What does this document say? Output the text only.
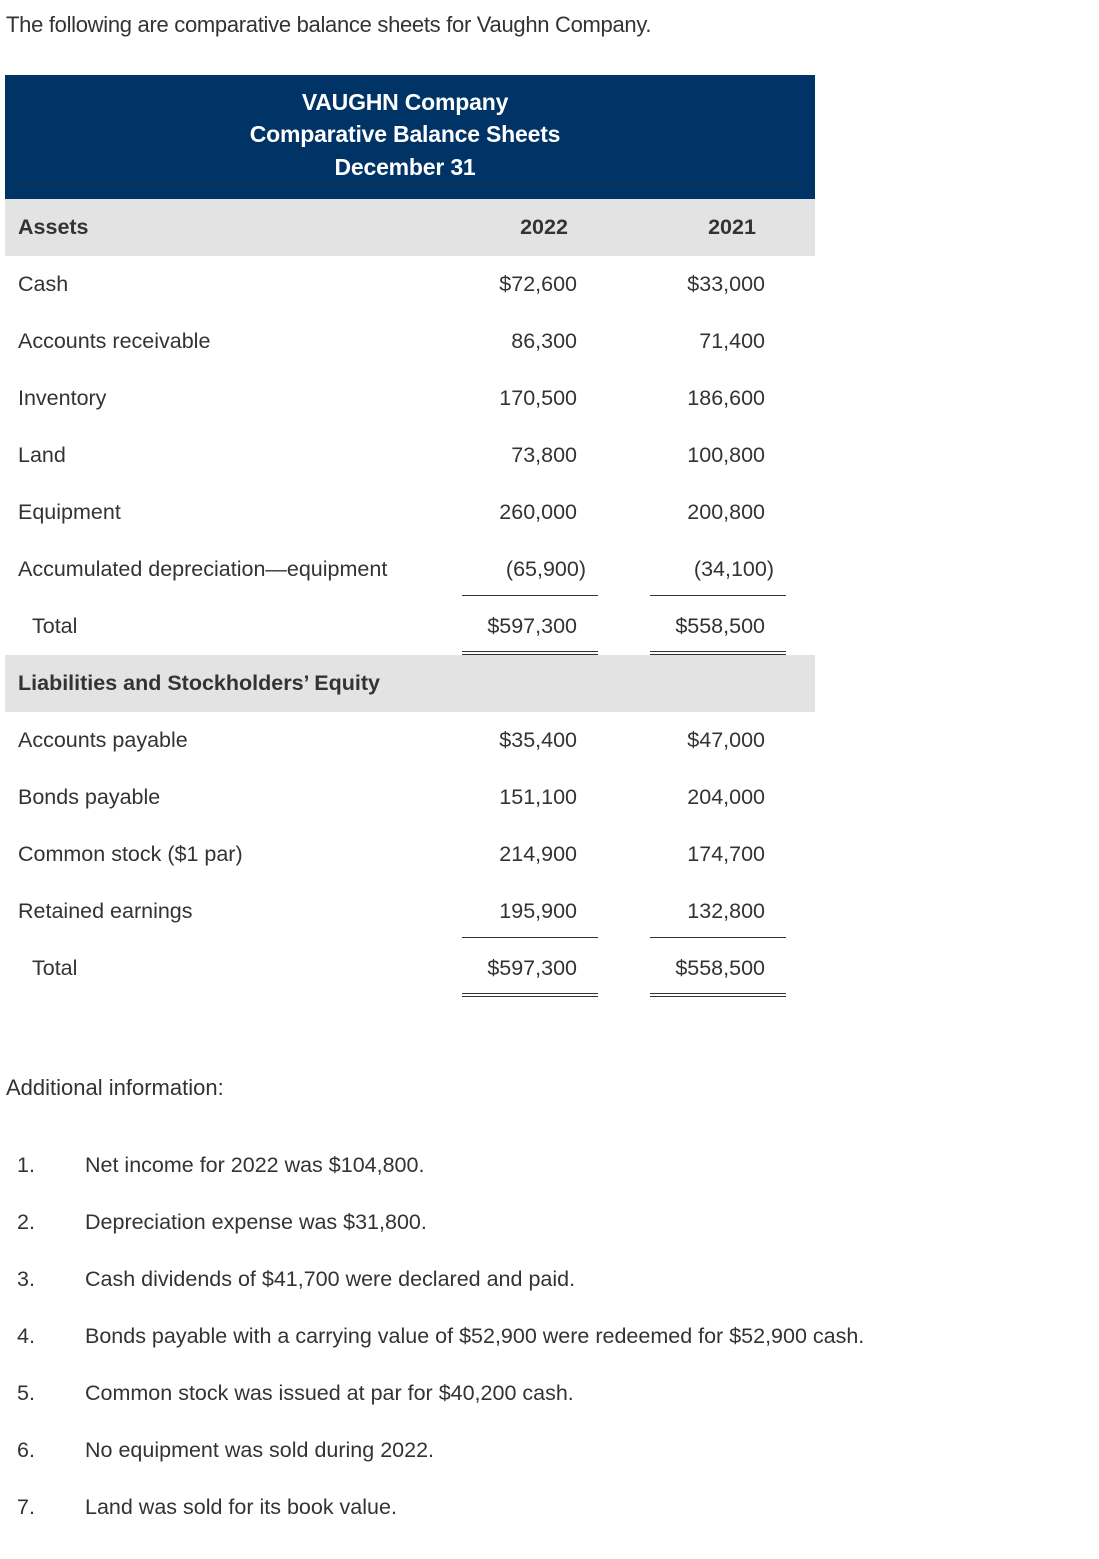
The following are comparative balance sheets for Vaughn Company.
VAUGHN Company
Comparative Balance Sheets
December 31
Assets	2022	2021
Cash	$72,600	$33,000
Accounts receivable	86,300	71,400
Inventory	170,500	186,600
Land	73,800	100,800
Equipment	260,000	200,800
Accumulated depreciation—equipment	(65,900)	(34,100)
Total	$597,300	$558,500
Liabilities and Stockholders’ Equity
Accounts payable	$35,400	$47,000
Bonds payable	151,100	204,000
Common stock ($1 par)	214,900	174,700
Retained earnings	195,900	132,800
Total	$597,300	$558,500
Additional information:
1. Net income for 2022 was $104,800.
2. Depreciation expense was $31,800.
3. Cash dividends of $41,700 were declared and paid.
4. Bonds payable with a carrying value of $52,900 were redeemed for $52,900 cash.
5. Common stock was issued at par for $40,200 cash.
6. No equipment was sold during 2022.
7. Land was sold for its book value.
